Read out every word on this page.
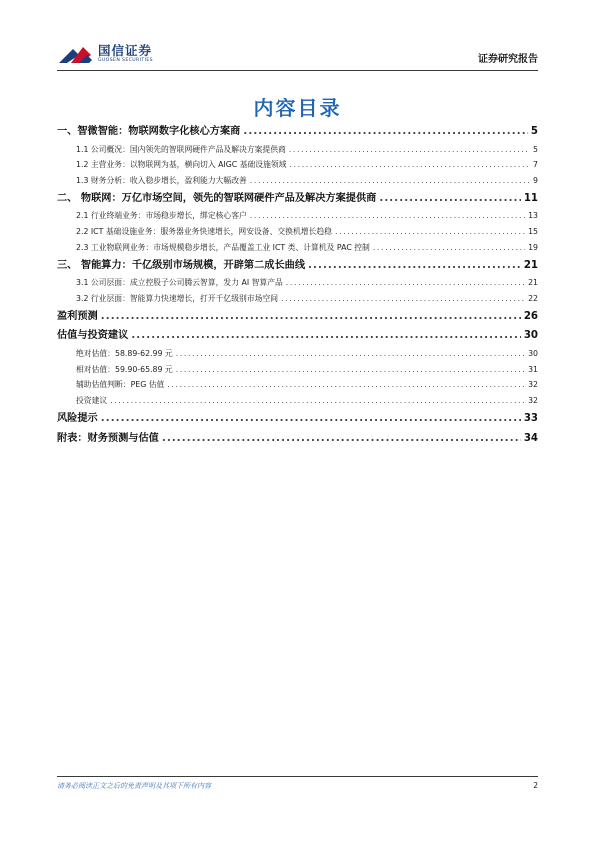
国信证券
GUOSEN SECURITIES	证券研究报告
内容目录
一、智微智能：物联网数字化核心方案商 .....	5
1.1 公司概况：国内领先的智联网硬件产品及解决方案提供商 .....	5
1.2 主营业务：以物联网为基，横向切入 AIGC 基础设施领域 .....	7
1.3 财务分析：收入稳步增长，盈利能力大幅改善 .....	9
二、 物联网：万亿市场空间，领先的智联网硬件产品及解决方案提供商 .....	11
2.1 行业终端业务：市场稳步增长，绑定核心客户 .....	13
2.2 ICT 基础设施业务：服务器业务快速增长，网安设备、交换机增长趋稳 .....	15
2.3 工业物联网业务：市场规模稳步增长，产品覆盖工业 ICT 类、计算机及 PAC 控制 .....	19
三、 智能算力：千亿级别市场规模，开辟第二成长曲线 .....	21
3.1 公司层面：成立控股子公司腾云智算，发力 AI 智算产品 .....	21
3.2 行业层面：智能算力快速增长，打开千亿级别市场空间 .....	22
盈利预测 .....	26
估值与投资建议 .....	30
绝对估值：58.89-62.99 元 .....	30
相对估值：59.90-65.89 元 .....	31
辅助估值判断：PEG 估值 .....	32
投资建议 .....	32
风险提示 .....	33
附表：财务预测与估值 .....	34
请务必阅读正文之后的免责声明及其项下所有内容	2
